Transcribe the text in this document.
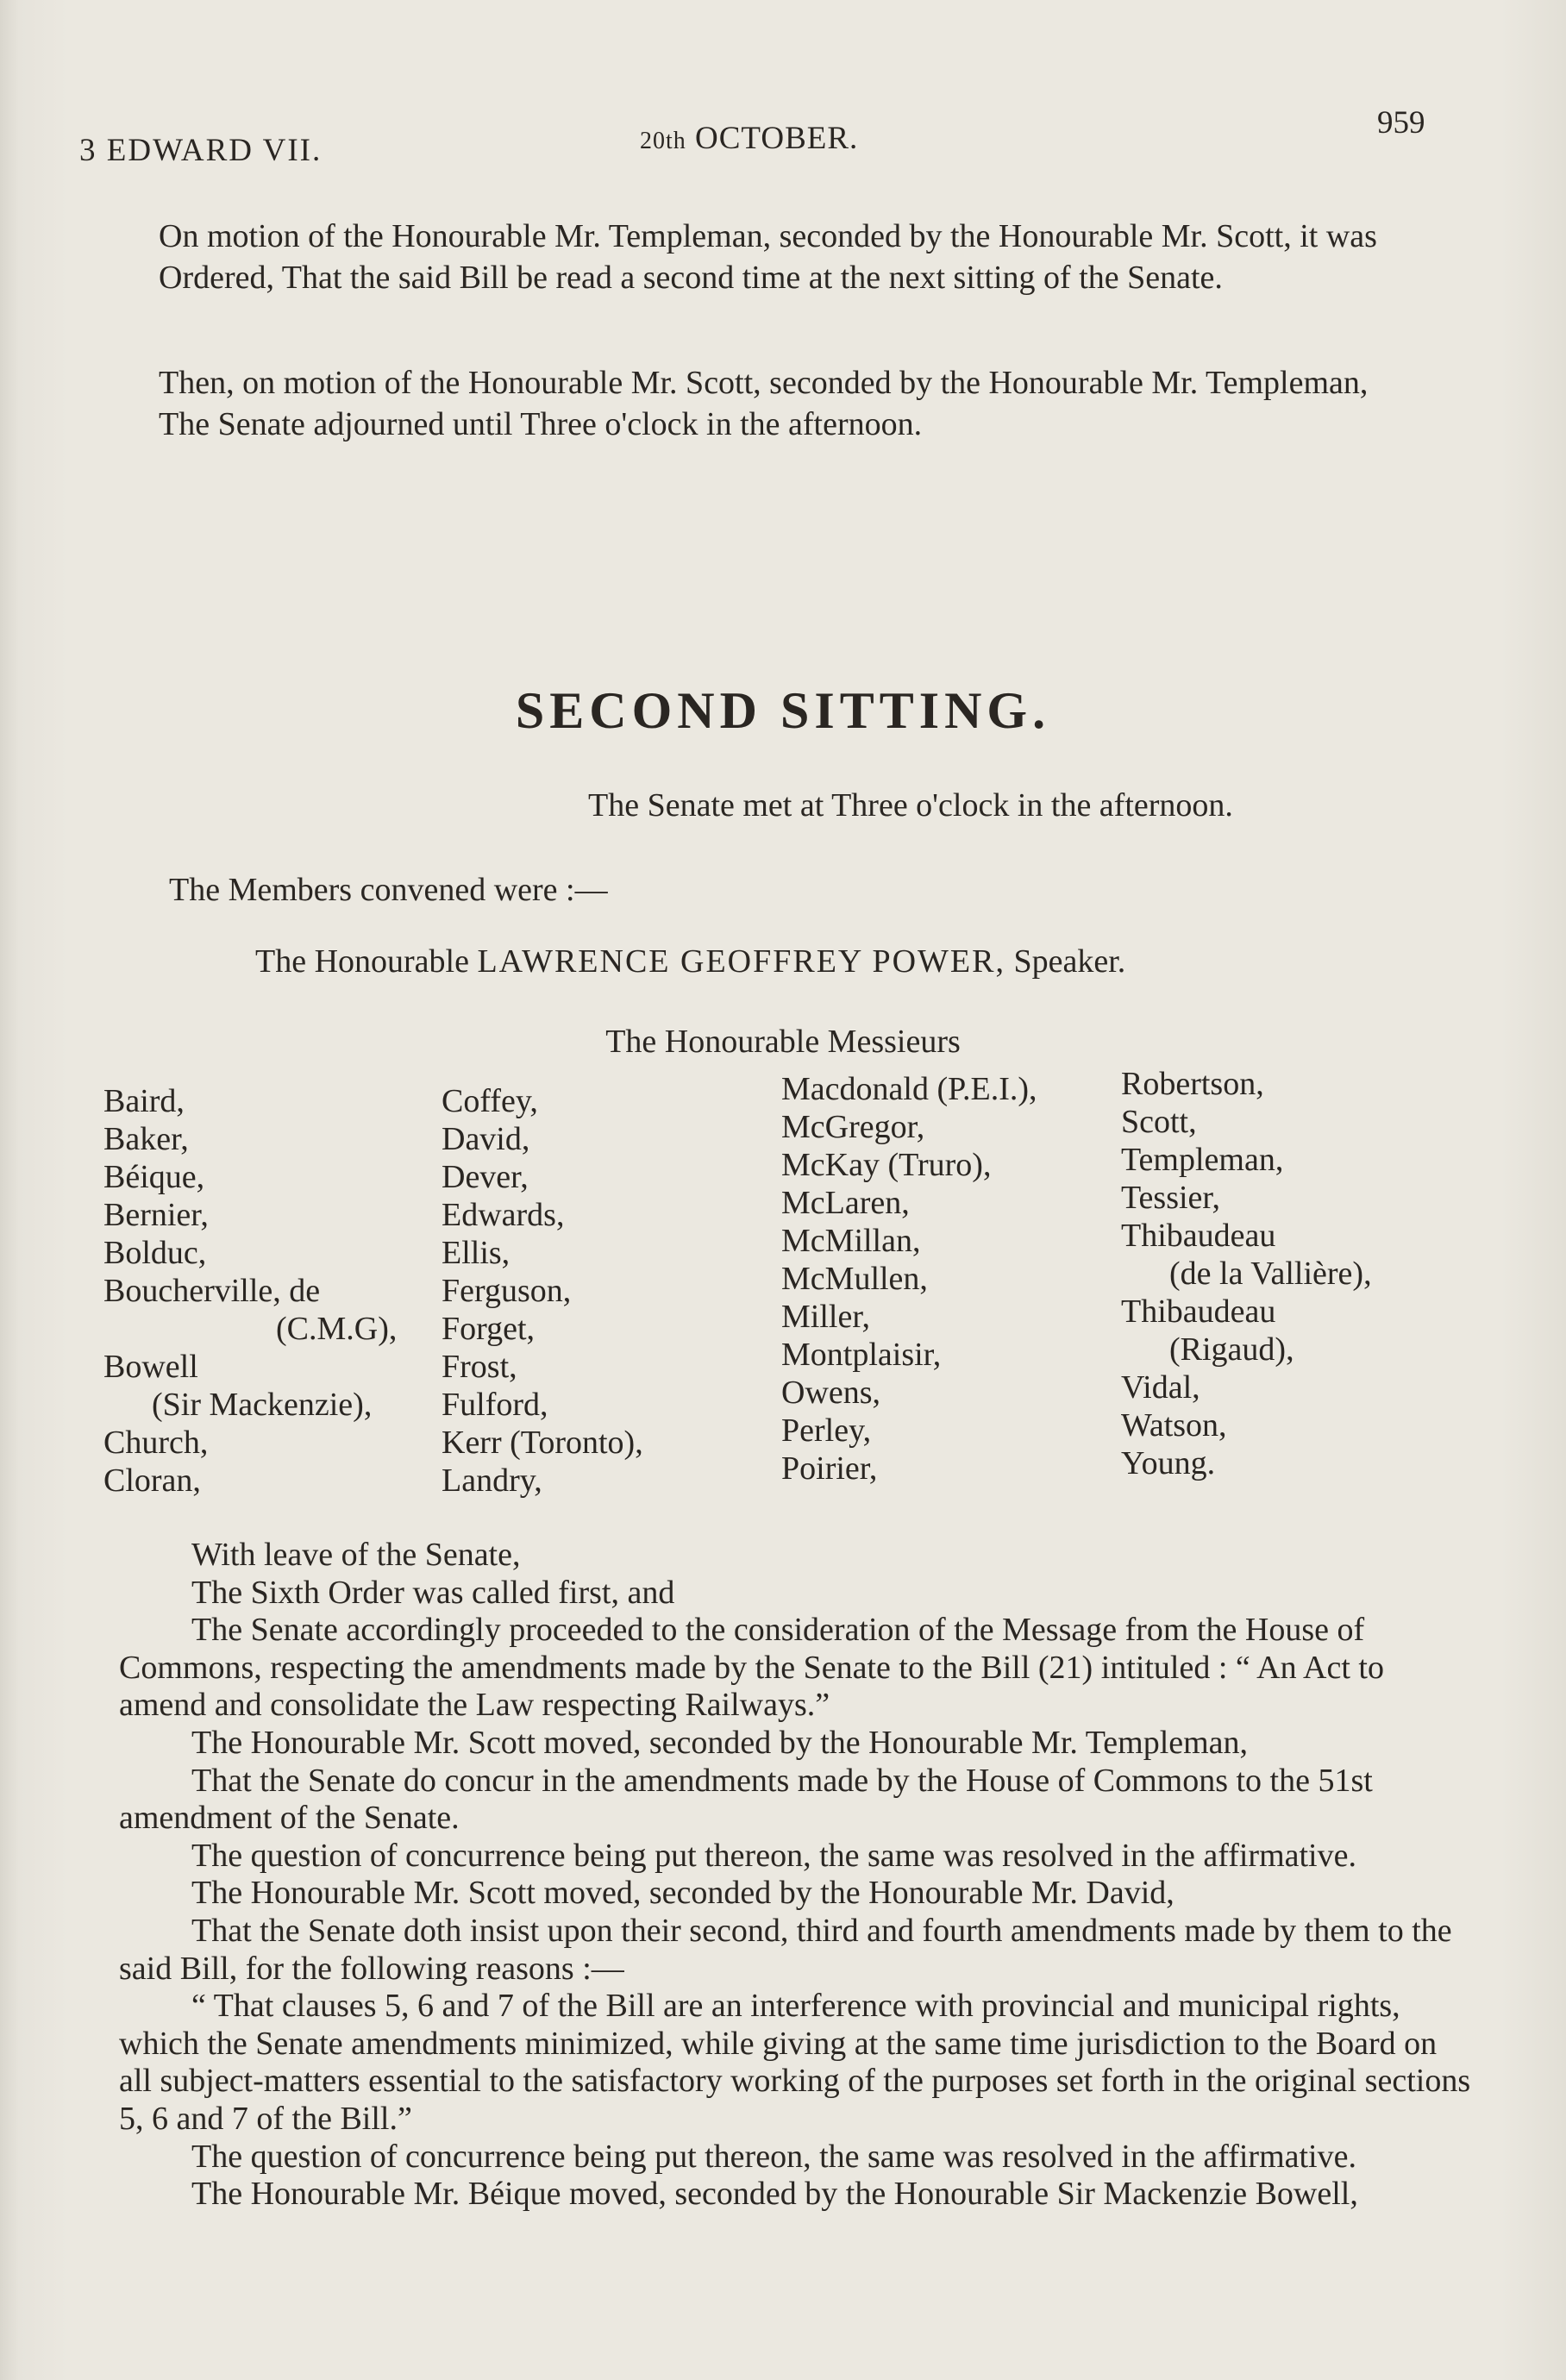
3 EDWARD VII.	20th OCTOBER.	959
On motion of the Honourable Mr. Templeman, seconded by the Honourable Mr. Scott, it was
Ordered, That the said Bill be read a second time at the next sitting of the Senate.
Then, on motion of the Honourable Mr. Scott, seconded by the Honourable Mr. Templeman,
The Senate adjourned until Three o'clock in the afternoon.
SECOND SITTING.
The Senate met at Three o'clock in the afternoon.
The Members convened were :—
The Honourable LAWRENCE GEOFFREY POWER, Speaker.
The Honourable Messieurs
Baird,
Baker,
Béique,
Bernier,
Bolduc,
Boucherville, de
(C.M.G),
Bowell
(Sir Mackenzie),
Church,
Cloran,
Coffey,
David,
Dever,
Edwards,
Ellis,
Ferguson,
Forget,
Frost,
Fulford,
Kerr (Toronto),
Landry,
Macdonald (P.E.I.),
McGregor,
McKay (Truro),
McLaren,
McMillan,
McMullen,
Miller,
Montplaisir,
Owens,
Perley,
Poirier,
Robertson,
Scott,
Templeman,
Tessier,
Thibaudeau
(de la Vallière),
Thibaudeau
(Rigaud),
Vidal,
Watson,
Young.

With leave of the Senate,

The Sixth Order was called first, and

The Senate accordingly proceeded to the consideration of the Message from the House of Commons, respecting the amendments made by the Senate to the Bill (21) intituled : “ An Act to amend and consolidate the Law respecting Railways.”

The Honourable Mr. Scott moved, seconded by the Honourable Mr. Templeman,

That the Senate do concur in the amendments made by the House of Commons to the 51st amendment of the Senate.

The question of concurrence being put thereon, the same was resolved in the affirmative.

The Honourable Mr. Scott moved, seconded by the Honourable Mr. David,

That the Senate doth insist upon their second, third and fourth amendments made by them to the said Bill, for the following reasons :—

“ That clauses 5, 6 and 7 of the Bill are an interference with provincial and municipal rights, which the Senate amendments minimized, while giving at the same time jurisdiction to the Board on all subject-matters essential to the satisfactory working of the purposes set forth in the original sections 5, 6 and 7 of the Bill.”

The question of concurrence being put thereon, the same was resolved in the affirmative.

The Honourable Mr. Béique moved, seconded by the Honourable Sir Mackenzie Bowell,
